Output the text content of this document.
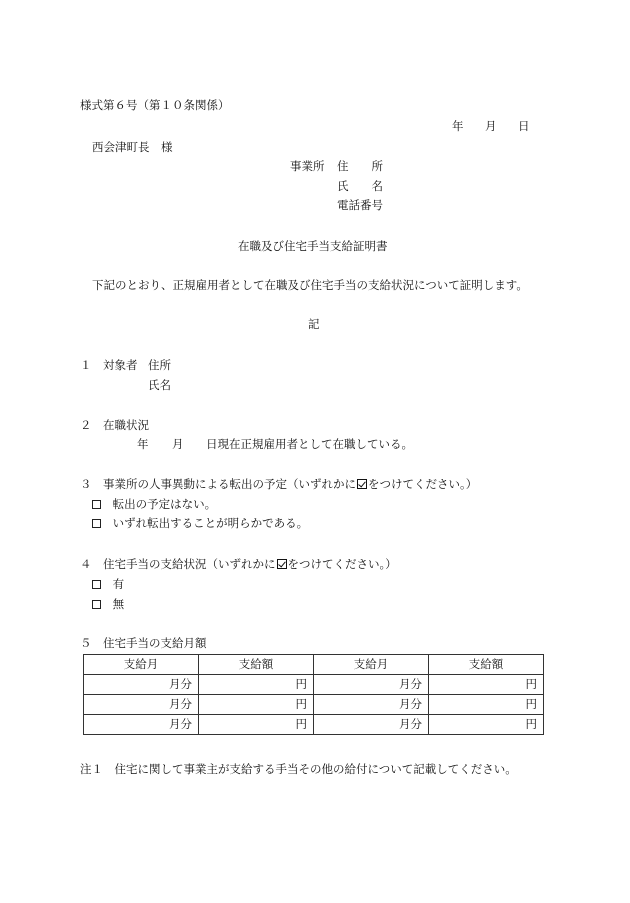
様式第６号（第１０条関係）
年 月 日
西会津町長　様
事業所 住　　所
氏　　名
電話番号
在職及び住宅手当支給証明書
下記のとおり、正規雇用者として在職及び住宅手当の支給状況について証明します。
記
１　対象者 住所
氏名
２　在職状況
年 月 日現在正規雇用者として在職している。
３　事業所の人事異動による転出の予定（いずれかに をつけてください。）
転出の予定はない。
いずれ転出することが明らかである。
４　住宅手当の支給状況（いずれかに をつけてください。）
有
無
５　住宅手当の支給月額
支給月	支給額	支給月	支給額
月分	円	月分	円
月分	円	月分	円
月分	円	月分	円
注１　住宅に関して事業主が支給する手当その他の給付について記載してください。
